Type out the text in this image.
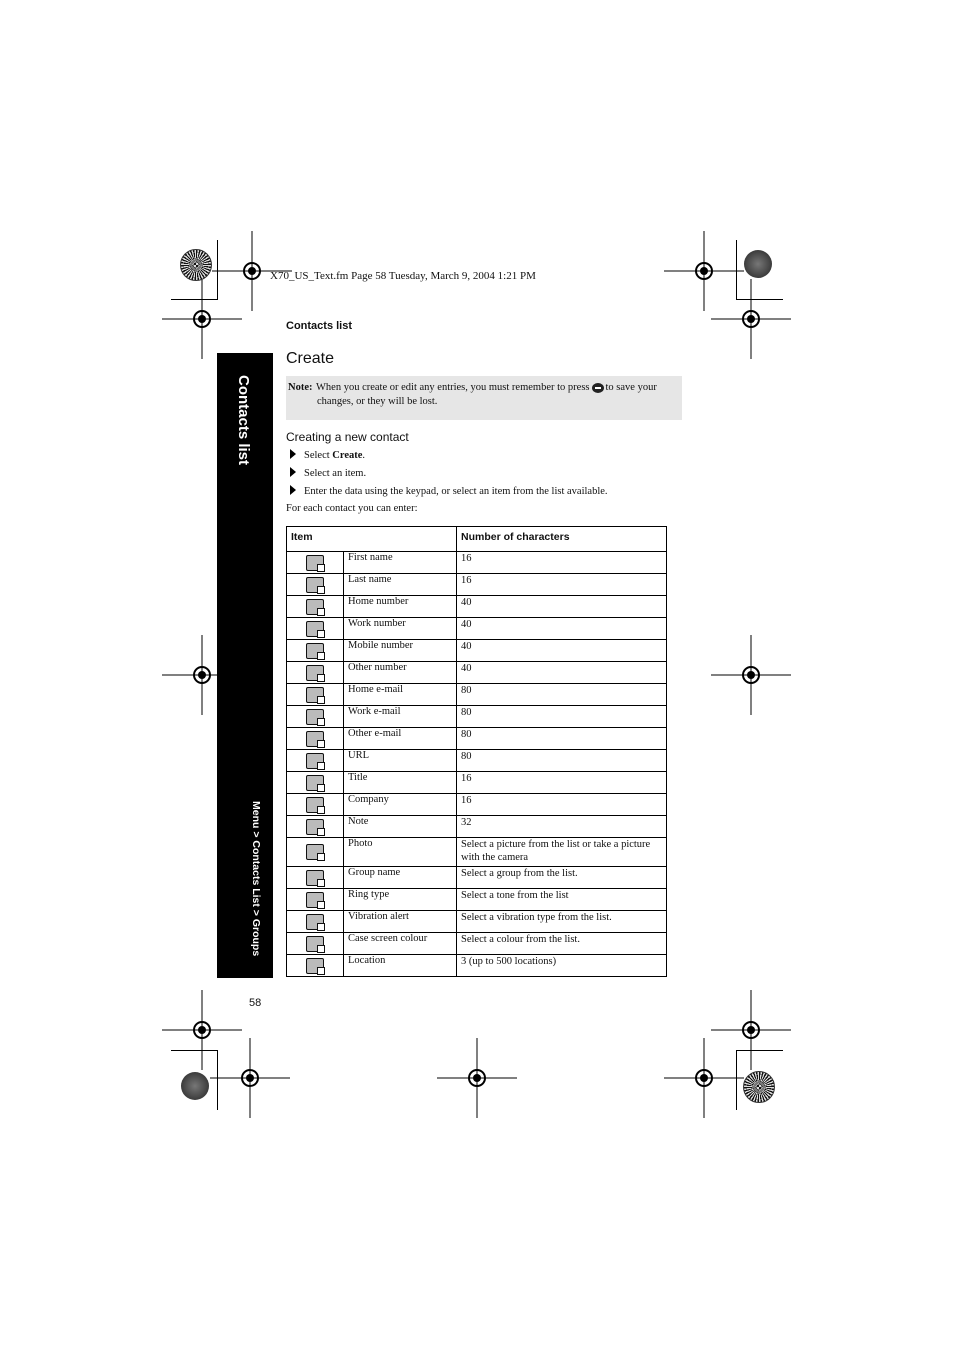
X70_US_Text.fm Page 58 Tuesday, March 9, 2004 1:21 PM
Contacts list
Contacts list
Menu > Contacts List > Groups
Create
Note: When you create or edit any entries, you must remember to press to save your
changes, or they will be lost.
Creating a new contact
Select Create.
Select an item.
Enter the data using the keypad, or select an item from the list available.
For each contact you can enter:
Item		Number of characters
	First name	16
	Last name	16
	Home number	40
	Work number	40
	Mobile number	40
	Other number	40
	Home e-mail	80
	Work e-mail	80
	Other e-mail	80
	URL	80
	Title	16
	Company	16
	Note	32
	Photo	Select a picture from the list or take a picture with the camera
	Group name	Select a group from the list.
	Ring type	Select a tone from the list
	Vibration alert	Select a vibration type from the list.
	Case screen colour	Select a colour from the list.
	Location	3 (up to 500 locations)
58
